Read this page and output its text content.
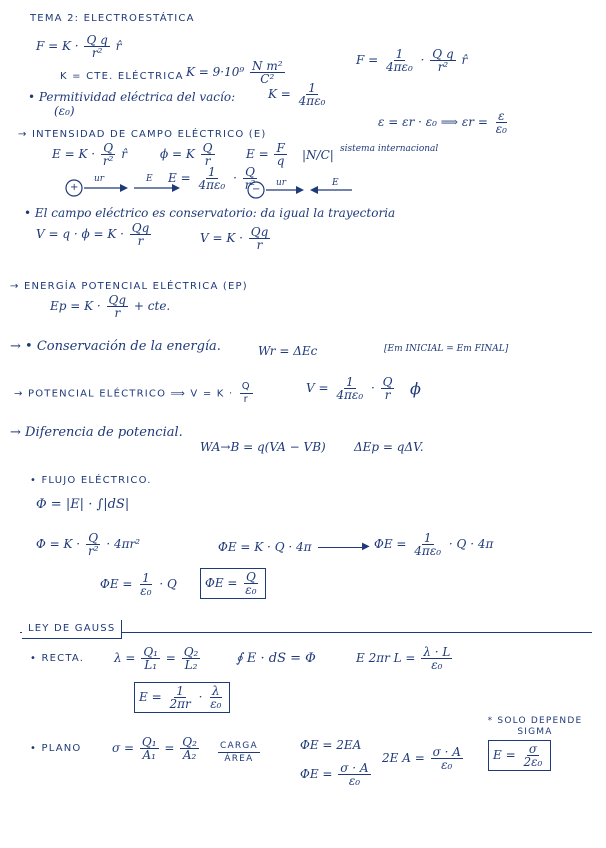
TEMA 2: ELECTROESTÁTICA
$F = K \cdot \frac{\text{Q q}}{\text{r²}}$ r̂
K = CTE. ELÉCTRICA $K = 9\cdot 10^9 \frac{\text{N m²}}{\text{C²}}$	$F = \frac{1}{\text{4πε₀}} \cdot \frac{\text{Q q}}{\text{r²}}$ r̂
• Permitividad eléctrica del vacío:
(ε₀)
$K = \frac{1}{\text{4πε₀}}$
ε = εr · ε₀ ⟹ $\varepsilon r = \frac{\varepsilon}{\text{ε₀}}$
→ INTENSIDAD DE CAMPO ELÉCTRICO (E)
$E = K \cdot \frac{Q}{\text{r²}}$ r̂	ϕ = K $\frac{Q}{r}$	$E = \frac{F}{q} |N/C|$ sistema internacional
+
ur	E $E = \frac{1}{\text{4πε₀}} \cdot \frac{Q}{\text{r²}}$
−
ur	E
• El campo eléctrico es conservatorio: da igual la trayectoria
$V = q \cdot \phi = K \cdot \frac{Qq}{r}$	$V = K \cdot \frac{Qq}{r}$
→ ENERGÍA POTENCIAL ELÉCTRICA (EP)
$Ep = K \cdot \frac{Qq}{r}$ + cte.
→ • Conservación de la energía.	Wr = ΔEc	[Em INICIAL = Em FINAL]
→ POTENCIAL ELÉCTRICO ⟹ $V = K \cdot \frac{Q}{r}$	$V = \frac{1}{\text{4πε₀}} \cdot \frac{Q}{r}$ ϕ
→ Diferencia de potencial.
WA→B = q(VA − VB) ΔEp = qΔV.
• FLUJO ELÉCTRICO.
Φ = |E| · ∫|dS|
$\Phi = K \cdot \frac{Q}{\text{r²}} \cdot 4\pi r^2$	ΦE = K · Q · 4π	▶ $\Phi E = \frac{1}{\text{4πε₀}} \cdot Q \cdot 4\pi$
$\Phi E = \frac{1}{\text{ε₀}} \cdot Q$	$\Phi E = \frac{Q}{\text{ε₀}}$
LEY DE GAUSS
• RECTA. $\lambda = \frac{\text{Q₁}}{\text{L₁}} = \frac{\text{Q₂}}{\text{L₂}}$	∮ E · dS = Φ	E 2πr $L = \frac{\lambda \cdot L}{\text{ε₀}}$
$E = \frac{1}{2\pi r} \cdot \frac{\lambda}{\text{ε₀}}$
* SOLO DEPENDE SIGMA
• PLANO	$\sigma = \frac{\text{Q₁}}{\text{A₁}} = \frac{\text{Q₂}}{\text{A₂}} \frac{\text{CARGA}}{\text{ÁREA}}$	ΦE = 2EA
$\Phi E = \frac{\sigma \cdot A}{\text{ε₀}}$
2E $A = \frac{\sigma \cdot A}{\text{ε₀}}$	$E = \frac{\sigma}{\text{2ε₀}}$
